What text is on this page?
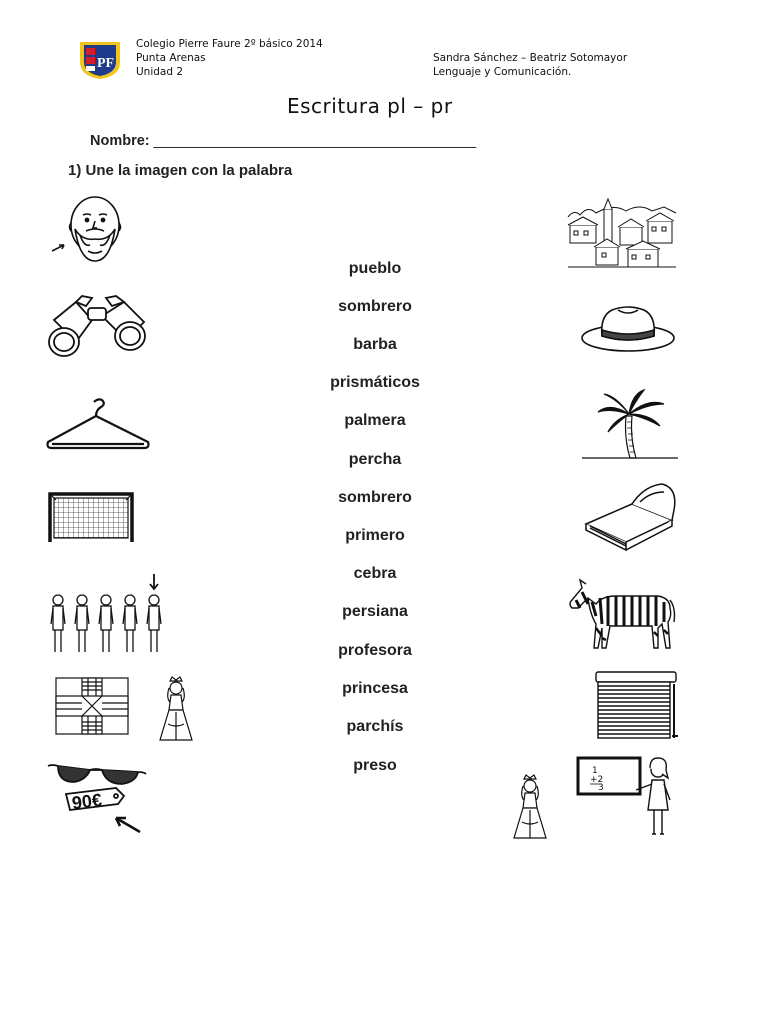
PF
Colegio Pierre Faure 2º básico 2014
Punta Arenas
Unidad 2
Sandra Sánchez – Beatriz Sotomayor
Lenguaje y Comunicación.
Escritura pl – pr
Nombre: ________________________________________
1) Une la imagen con la palabra
pueblo
sombrero
barba
prismáticos
palmera
percha
sombrero
primero
cebra
persiana
profesora
princesa
parchís
preso
90€
1
+2
3
